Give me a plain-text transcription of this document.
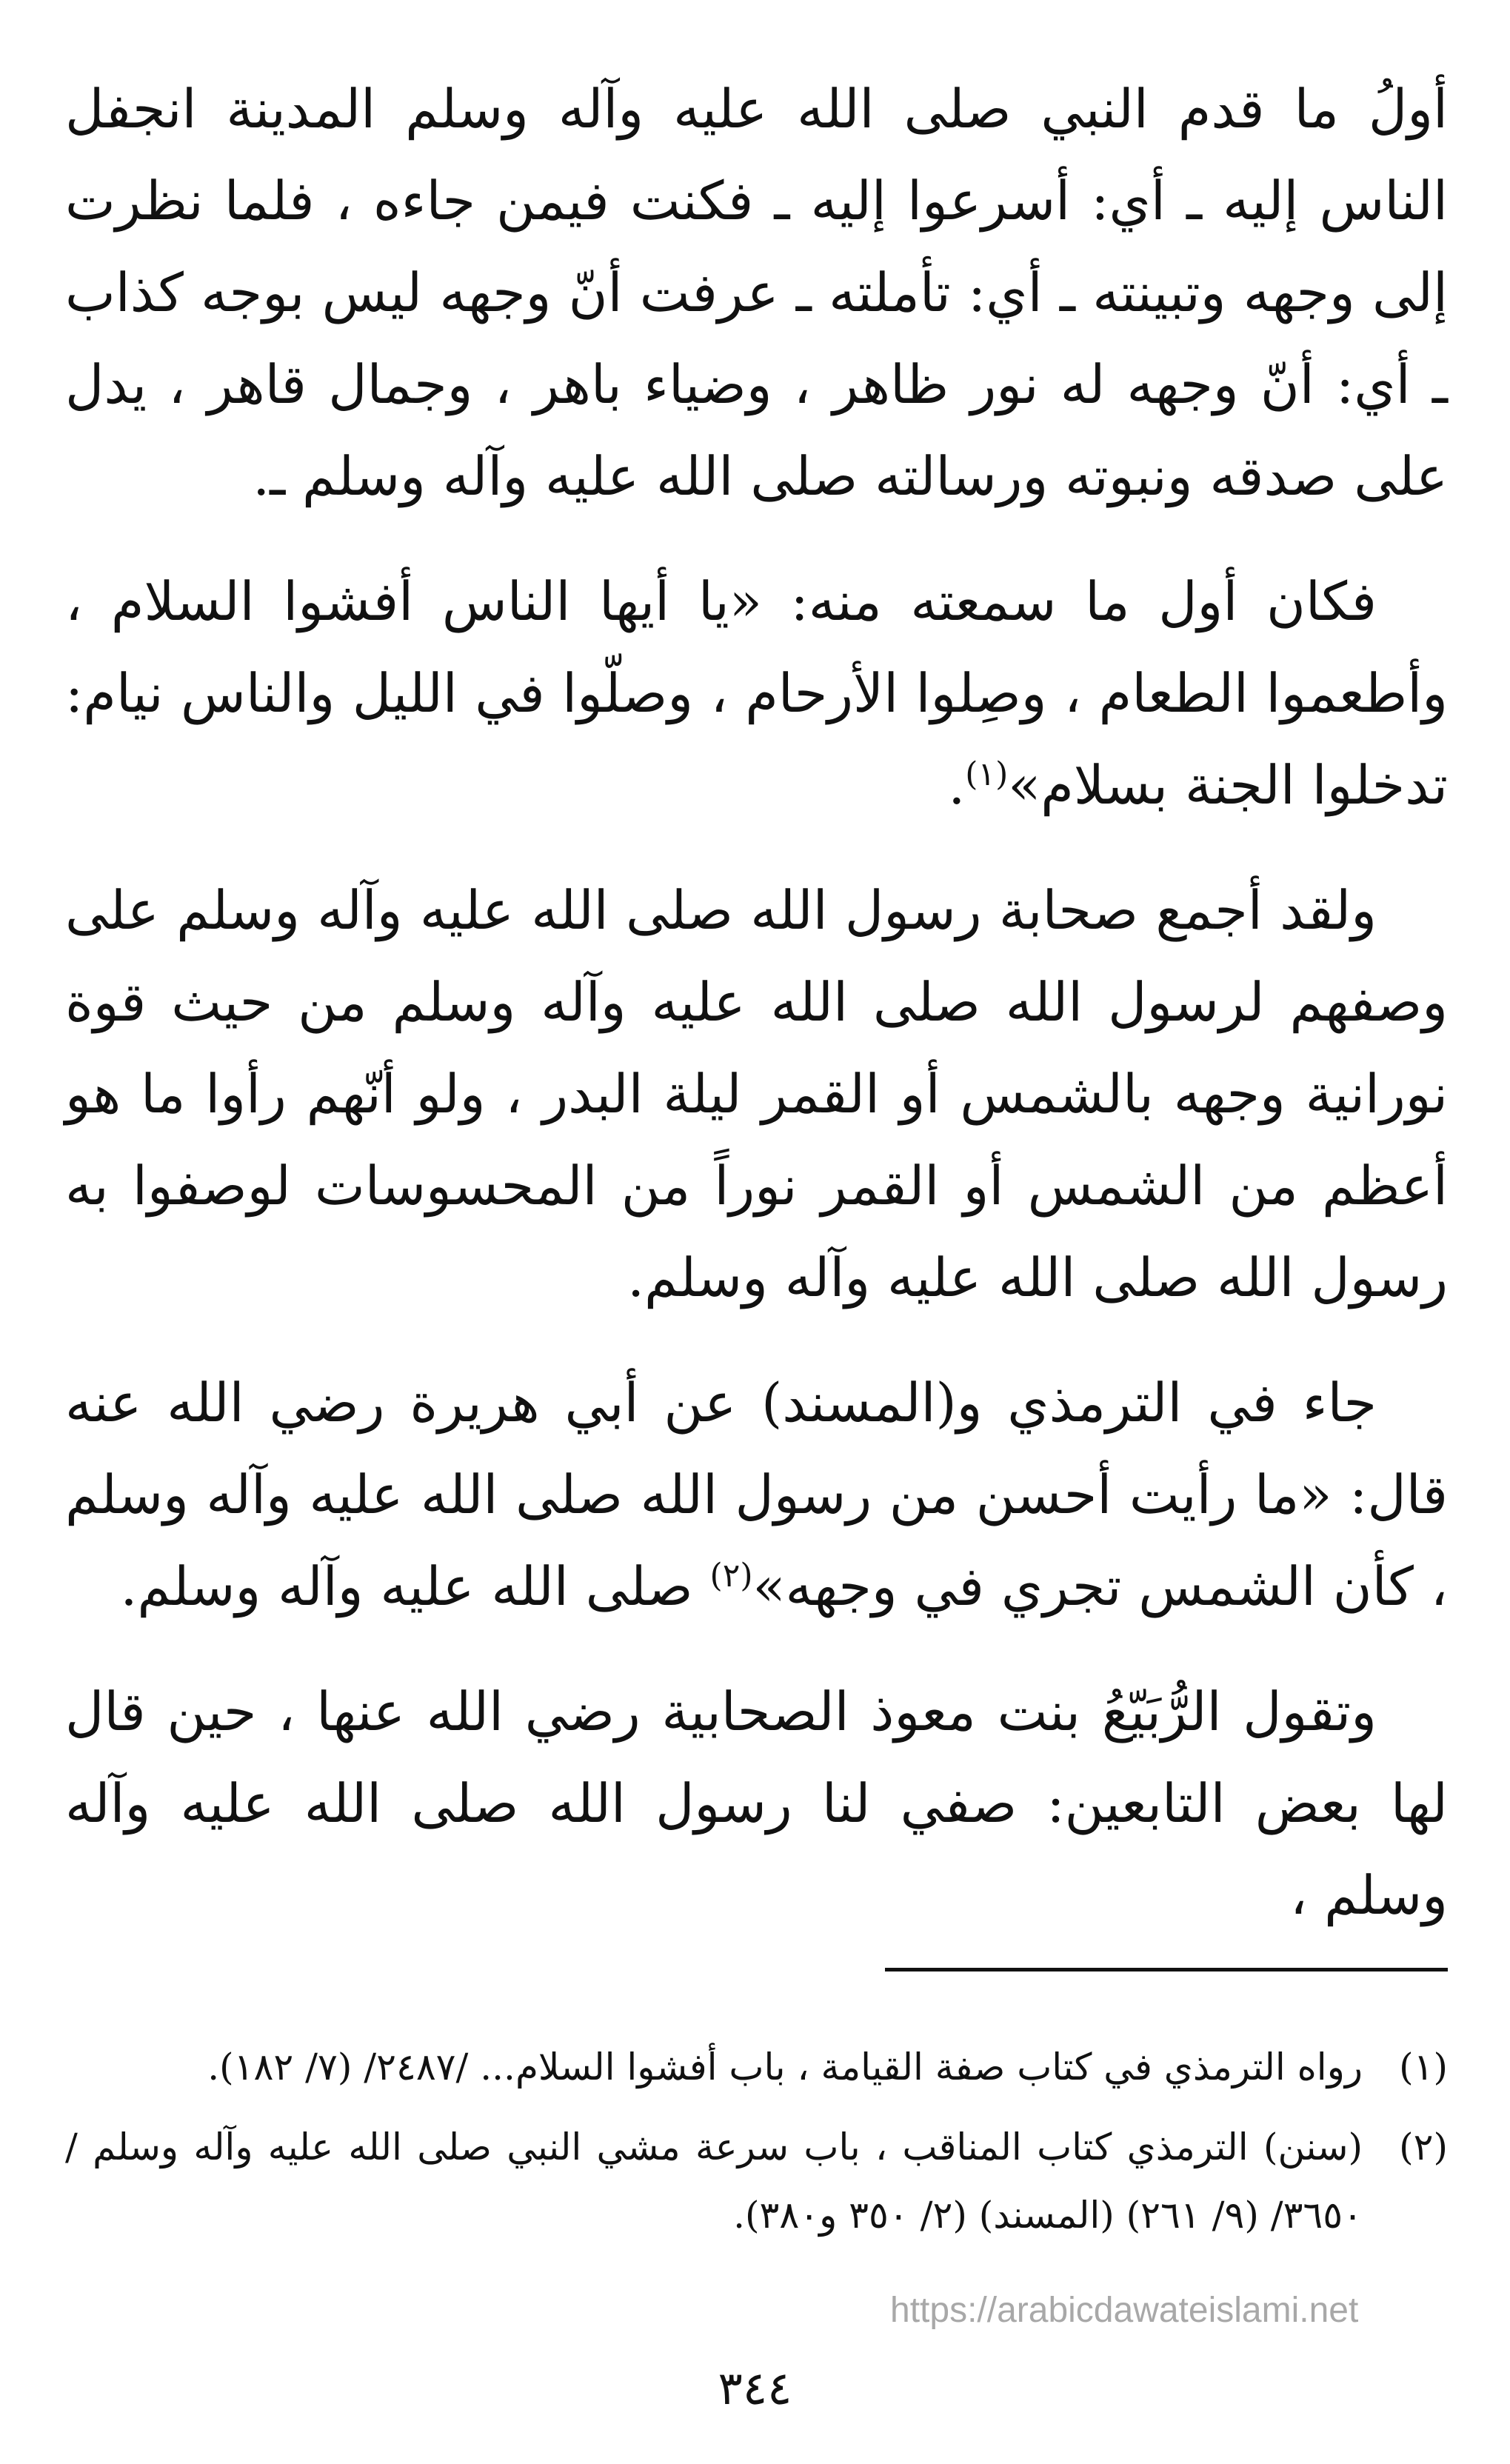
أولُ ما قدم النبي صلى الله عليه وآله وسلم المدينة انجفل الناس إليه ـ أي: أسرعوا إليه ـ فكنت فيمن جاءه ، فلما نظرت إلى وجهه وتبينته ـ أي: تأملته ـ عرفت أنّ وجهه ليس بوجه كذاب ـ أي: أنّ وجهه له نور ظاهر ، وضياء باهر ، وجمال قاهر ، يدل على صدقه ونبوته ورسالته صلى الله عليه وآله وسلم ـ.

فكان أول ما سمعته منه: «يا أيها الناس أفشوا السلام ، وأطعموا الطعام ، وصِلوا الأرحام ، وصلّوا في الليل والناس نيام: تدخلوا الجنة بسلام»$^{(١)}$.

ولقد أجمع صحابة رسول الله صلى الله عليه وآله وسلم على وصفهم لرسول الله صلى الله عليه وآله وسلم من حيث قوة نورانية وجهه بالشمس أو القمر ليلة البدر ، ولو أنّهم رأوا ما هو أعظم من الشمس أو القمر نوراً من المحسوسات لوصفوا به رسول الله صلى الله عليه وآله وسلم.

جاء في الترمذي و(المسند) عن أبي هريرة رضي الله عنه قال: «ما رأيت أحسن من رسول الله صلى الله عليه وآله وسلم ، كأن الشمس تجري في وجهه»$^{(٢)}$ صلى الله عليه وآله وسلم.

وتقول الرُّبَيّعُ بنت معوذ الصحابية رضي الله عنها ، حين قال لها بعض التابعين: صفي لنا رسول الله صلى الله عليه وآله وسلم ،

(١)
رواه الترمذي في كتاب صفة القيامة ، باب أفشوا السلام... /٢٤٨٧/ (٧/ ١٨٢).
(٢)
(سنن) الترمذي كتاب المناقب ، باب سرعة مشي النبي صلى الله عليه وآله وسلم / ٣٦٥٠/ (٩/ ٢٦١) (المسند) (٢/ ٣٥٠ و٣٨٠).
https://arabicdawateislami.net
٣٤٤
